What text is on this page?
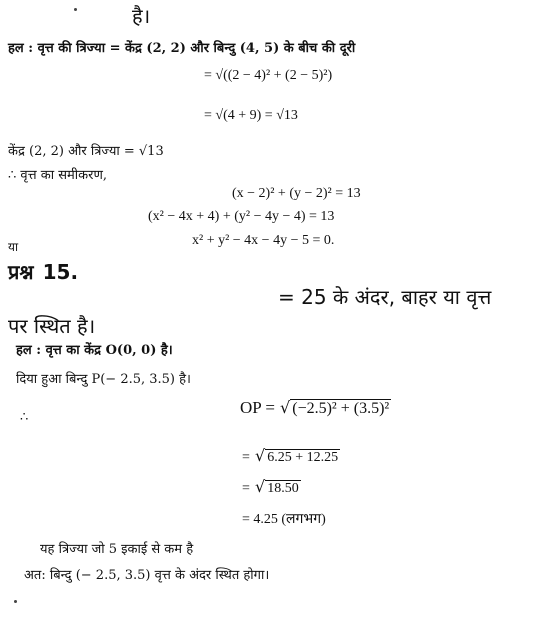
है।
हल : वृत्त की त्रिज्या = केंद्र (2, 2) और बिन्दु (4, 5) के बीच की दूरी
= √((2 − 4)² + (2 − 5)²)
= √(4 + 9) = √13
केंद्र (2, 2) और त्रिज्या = √13
∴ वृत्त का समीकरण,
(x − 2)² + (y − 2)² = 13
(x² − 4x + 4) + (y² − 4y − 4) = 13
या	x² + y² − 4x − 4y − 5 = 0.
प्रश्न 15.
= 25 के अंदर, बाहर या वृत्त
पर स्थित है।
हल : वृत्त का केंद्र O(0, 0) है।
दिया हुआ बिन्दु P(− 2.5, 3.5) है।
∴
OP = √ (−2.5)² + (3.5)²
= √ 6.25 + 12.25
= √ 18.50
= 4.25 (लगभग)
यह त्रिज्या जो 5 इकाई से कम है
अत: बिन्दु (− 2.5, 3.5) वृत्त के अंदर स्थित होगा।
